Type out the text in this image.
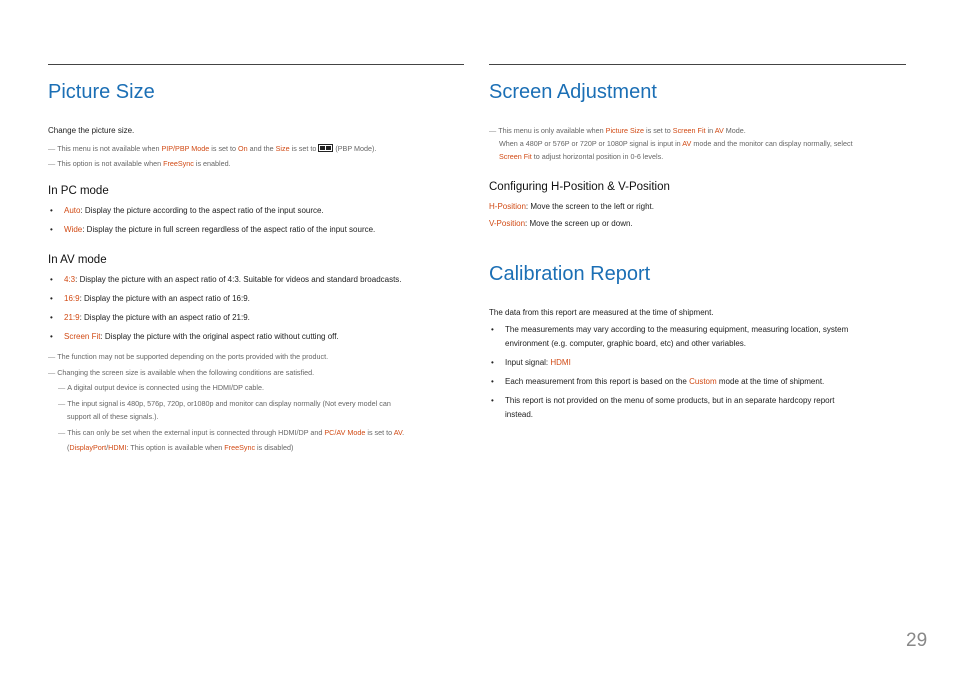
Picture Size

Change the picture size.

— This menu is not available when PIP/PBP Mode is set to On and the Size is set to  (PBP Mode).

— This option is not available when FreeSync is enabled.

In PC mode

• Auto: Display the picture according to the aspect ratio of the input source.

• Wide: Display the picture in full screen regardless of the aspect ratio of the input source.

In AV mode

• 4:3: Display the picture with an aspect ratio of 4:3. Suitable for videos and standard broadcasts.

• 16:9: Display the picture with an aspect ratio of 16:9.

• 21:9: Display the picture with an aspect ratio of 21:9.

• Screen Fit: Display the picture with the original aspect ratio without cutting off.

— The function may not be supported depending on the ports provided with the product.

— Changing the screen size is available when the following conditions are satisfied.

— A digital output device is connected using the HDMI/DP cable.

— The input signal is 480p, 576p, 720p, or1080p and monitor can display normally (Not every model can

support all of these signals.).

— This can only be set when the external input is connected through HDMI/DP and PC/AV Mode is set to AV.

(DisplayPort/HDMI: This option is available when FreeSync is disabled)

Screen Adjustment

— This menu is only available when Picture Size is set to Screen Fit in AV Mode.

When a 480P or 576P or 720P or 1080P signal is input in AV mode and the monitor can display normally, select

Screen Fit to adjust horizontal position in 0-6 levels.

Configuring H-Position & V-Position

H-Position: Move the screen to the left or right.

V-Position: Move the screen up or down.

Calibration Report

The data from this report are measured at the time of shipment.

• The measurements may vary according to the measuring equipment, measuring location, system
environment (e.g. computer, graphic board, etc) and other variables.

• Input signal: HDMI

• Each measurement from this report is based on the Custom mode at the time of shipment.

• This report is not provided on the menu of some products, but in an separate hardcopy report
instead.

29
